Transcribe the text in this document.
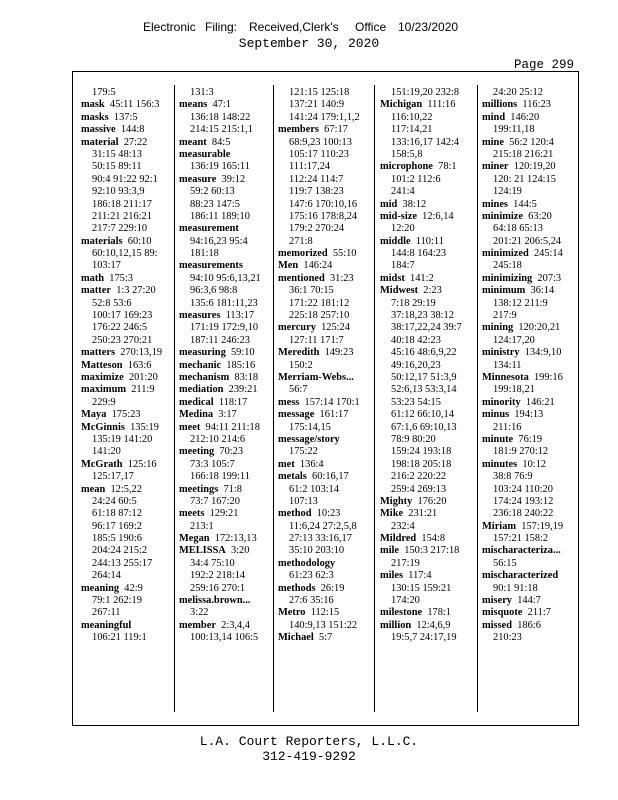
Electronic Filing: Received,Clerk's Office 10/23/2020
September 30, 2020
Page 299
179:5
mask  45:11 156:3
masks  137:5
massive  144:8
material  27:22
31:15 48:13
50:15 89:11
90:4 91:22 92:1
92:10 93:3,9
186:18 211:17
211:21 216:21
217:7 229:10
materials  60:10
60:10,12,15 89:
103:17
math  175:3
matter  1:3 27:20
52:8 53:6
100:17 169:23
176:22 246:5
250:23 270:21
matters  270:13,19
Matteson  163:6
maximize  201:20
maximum  211:9
229:9
Maya  175:23
McGinnis  135:19
135:19 141:20
141:20
McGrath  125:16
125:17,17
mean  12:5,22
24:24 60:5
61:18 87:12
96:17 169:2
185:5 190:6
204:24 215:2
244:13 255:17
264:14
meaning  42:9
79:1 262:19
267:11
meaningful
106:21 119:1
131:3
means  47:1
136:18 148:22
214:15 215:1,1
meant  84:5
measurable
136:19 165:11
measure  39:12
59:2 60:13
88:23 147:5
186:11 189:10
measurement
94:16,23 95:4
181:18
measurements
94:10 95:6,13,21
96:3,6 98:8
135:6 181:11,23
measures  113:17
171:19 172:9,10
187:11 246:23
measuring  59:10
mechanic  185:16
mechanism  83:18
mediation  239:21
medical  118:17
Medina  3:17
meet  94:11 211:18
212:10 214:6
meeting  70:23
73:3 105:7
166:18 199:11
meetings  71:8
73:7 167:20
meets  129:21
213:1
Megan  172:13,13
MELISSA  3:20
34:4 75:10
192:2 218:14
259:16 270:1
melissa.brown...
3:22
member  2:3,4,4
100:13,14 106:5
121:15 125:18
137:21 140:9
141:24 179:1,1,2
members  67:17
68:9,23 100:13
105:17 110:23
111:17,24
112:24 114:7
119:7 138:23
147:6 170:10,16
175:16 178:8,24
179:2 270:24
271:8
memorized  55:10
Men  146:24
mentioned  31:23
36:1 70:15
171:22 181:12
225:18 257:10
mercury  125:24
127:11 171:7
Meredith  149:23
150:2
Merriam-Webs...
56:7
mess  157:14 170:1
message  161:17
175:14,15
message/story
175:22
met  136:4
metals  60:16,17
61:2 103:14
107:13
method  10:23
11:6,24 27:2,5,8
27:13 33:16,17
35:10 203:10
methodology
61:23 62:3
methods  26:19
27:6 35:16
Metro  112:15
140:9,13 151:22
Michael  5:7
151:19,20 232:8
Michigan  111:16
116:10,22
117:14,21
133:16,17 142:4
158:5,8
microphone  78:1
101:2 112:6
241:4
mid  38:12
mid-size  12:6,14
12:20
middle  110:11
144:8 164:23
184:7
midst  141:2
Midwest  2:23
7:18 29:19
37:18,23 38:12
38:17,22,24 39:7
40:18 42:23
45:16 48:6,9,22
49:16,20,23
50:12,17 51:3,9
52:6,13 53:3,14
53:23 54:15
61:12 66:10,14
67:1,6 69:10,13
78:9 80:20
159:24 193:18
198:18 205:18
216:2 220:22
259:4 269:13
Mighty  176:20
Mike  231:21
232:4
Mildred  154:8
mile  150:3 217:18
217:19
miles  117:4
130:15 159:21
174:20
milestone  178:1
million  12:4,6,9
19:5,7 24:17,19
24:20 25:12
millions  116:23
mind  146:20
199:11,18
mine  56:2 120:4
215:18 216:21
miner  120:19,20
120: 21 124:15
124:19
mines  144:5
minimize  63:20
64:18 65:13
201:21 206:5,24
minimized  245:14
245:18
minimizing  207:3
minimum  36:14
138:12 211:9
217:9
mining  120:20,21
124:17,20
ministry  134:9,10
134:11
Minnesota  199:16
199:18,21
minority  146:21
minus  194:13
211:16
minute  76:19
181:9 270:12
minutes  10:12
38:8 76:9
103:24 110:20
174:24 193:12
236:18 240:22
Miriam  157:19,19
157:21 158:2
mischaracteriza...
56:15
mischaracterized
90:1 91:18
misery  144:7
misquote  211:7
missed  186:6
210:23
L.A. Court Reporters, L.L.C.
312-419-9292
